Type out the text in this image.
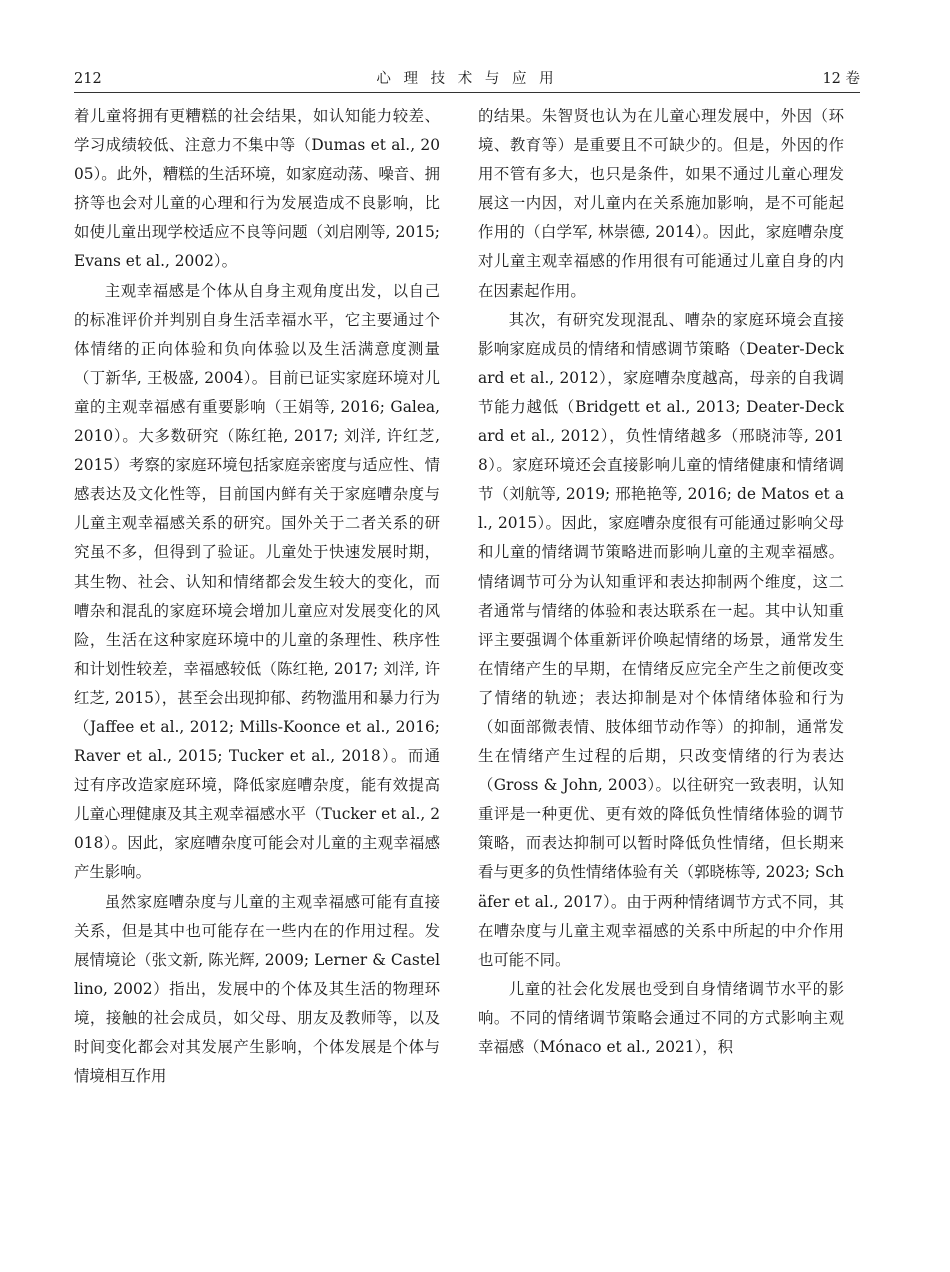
212	心 理 技 术 与 应 用	12 卷

着儿童将拥有更糟糕的社会结果，如认知能力较差、学习成绩较低、注意力不集中等（Dumas et al., 2005）。此外，糟糕的生活环境，如家庭动荡、噪音、拥挤等也会对儿童的心理和行为发展造成不良影响，比如使儿童出现学校适应不良等问题（刘启刚等, 2015; Evans et al., 2002）。

主观幸福感是个体从自身主观角度出发，以自己的标准评价并判别自身生活幸福水平，它主要通过个体情绪的正向体验和负向体验以及生活满意度测量（丁新华, 王极盛, 2004）。目前已证实家庭环境对儿童的主观幸福感有重要影响（王娟等, 2016; Galea, 2010）。大多数研究（陈红艳, 2017; 刘洋, 许红芝, 2015）考察的家庭环境包括家庭亲密度与适应性、情感表达及文化性等，目前国内鲜有关于家庭嘈杂度与儿童主观幸福感关系的研究。国外关于二者关系的研究虽不多，但得到了验证。儿童处于快速发展时期，其生物、社会、认知和情绪都会发生较大的变化，而嘈杂和混乱的家庭环境会增加儿童应对发展变化的风险，生活在这种家庭环境中的儿童的条理性、秩序性和计划性较差，幸福感较低（陈红艳, 2017; 刘洋, 许红芝, 2015），甚至会出现抑郁、药物滥用和暴力行为（Jaffee et al., 2012; Mills-Koonce et al., 2016; Raver et al., 2015; Tucker et al., 2018）。而通过有序改造家庭环境，降低家庭嘈杂度，能有效提高儿童心理健康及其主观幸福感水平（Tucker et al., 2018）。因此，家庭嘈杂度可能会对儿童的主观幸福感产生影响。

虽然家庭嘈杂度与儿童的主观幸福感可能有直接关系，但是其中也可能存在一些内在的作用过程。发展情境论（张文新, 陈光辉, 2009; Lerner & Castellino, 2002）指出，发展中的个体及其生活的物理环境，接触的社会成员，如父母、朋友及教师等，以及时间变化都会对其发展产生影响，个体发展是个体与情境相互作用

的结果。朱智贤也认为在儿童心理发展中，外因（环境、教育等）是重要且不可缺少的。但是，外因的作用不管有多大，也只是条件，如果不通过儿童心理发展这一内因，对儿童内在关系施加影响，是不可能起作用的（白学军, 林崇德, 2014）。因此，家庭嘈杂度对儿童主观幸福感的作用很有可能通过儿童自身的内在因素起作用。

其次，有研究发现混乱、嘈杂的家庭环境会直接影响家庭成员的情绪和情感调节策略（Deater-Deckard et al., 2012），家庭嘈杂度越高，母亲的自我调节能力越低（Bridgett et al., 2013; Deater-Deckard et al., 2012），负性情绪越多（邢晓沛等, 2018）。家庭环境还会直接影响儿童的情绪健康和情绪调节（刘航等, 2019; 邢艳艳等, 2016; de Matos et al., 2015）。因此，家庭嘈杂度很有可能通过影响父母和儿童的情绪调节策略进而影响儿童的主观幸福感。情绪调节可分为认知重评和表达抑制两个维度，这二者通常与情绪的体验和表达联系在一起。其中认知重评主要强调个体重新评价唤起情绪的场景，通常发生在情绪产生的早期，在情绪反应完全产生之前便改变了情绪的轨迹；表达抑制是对个体情绪体验和行为（如面部微表情、肢体细节动作等）的抑制，通常发生在情绪产生过程的后期，只改变情绪的行为表达（Gross & John, 2003）。以往研究一致表明，认知重评是一种更优、更有效的降低负性情绪体验的调节策略，而表达抑制可以暂时降低负性情绪，但长期来看与更多的负性情绪体验有关（郭晓栋等, 2023; Schäfer et al., 2017）。由于两种情绪调节方式不同，其在嘈杂度与儿童主观幸福感的关系中所起的中介作用也可能不同。

儿童的社会化发展也受到自身情绪调节水平的影响。不同的情绪调节策略会通过不同的方式影响主观幸福感（Mónaco et al., 2021），积
